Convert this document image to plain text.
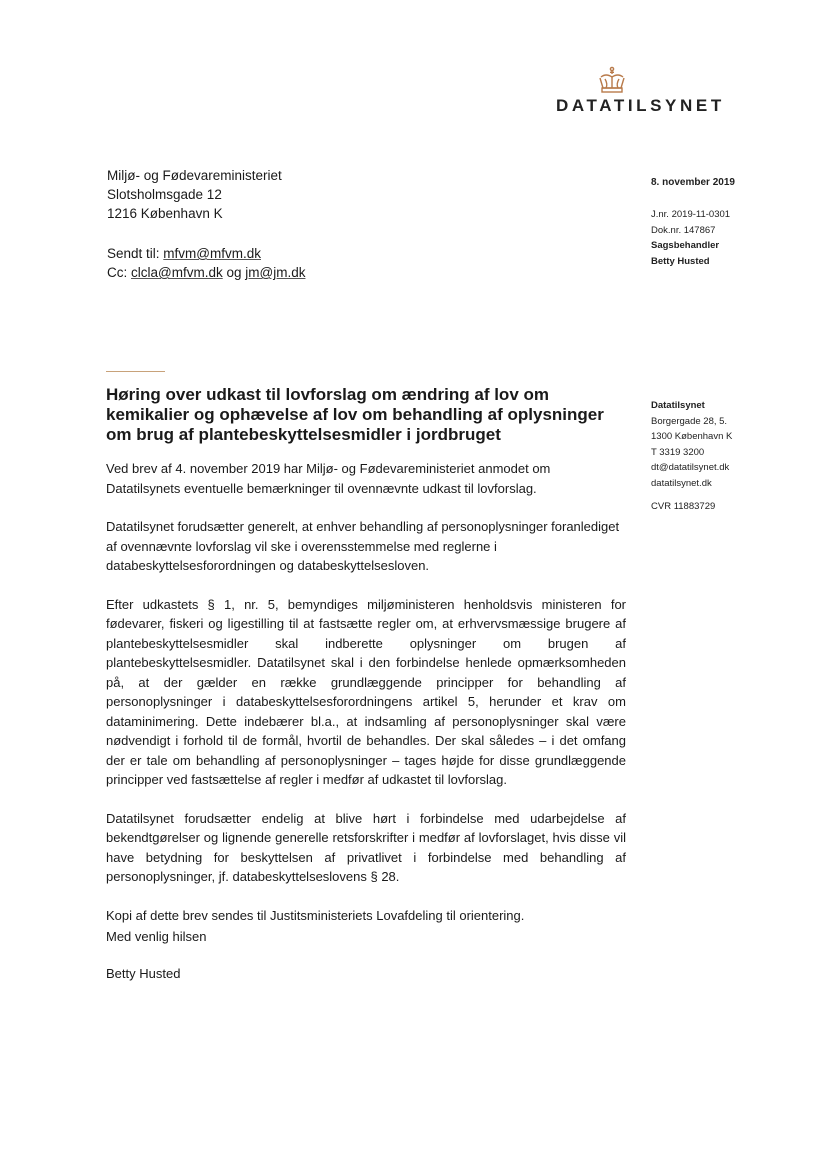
DATATILSYNET
Miljø- og Fødevareministeriet
Slotsholmsgade 12
1216 København K
Sendt til: mfvm@mfvm.dk
Cc: clcla@mfvm.dk og jm@jm.dk
8. november 2019
J.nr. 2019-11-0301
Dok.nr. 147867
Sagsbehandler
Betty Husted
Datatilsynet
Borgergade 28, 5.
1300 København K
T 3319 3200
dt@datatilsynet.dk
datatilsynet.dk
CVR 11883729
Høring over udkast til lovforslag om ændring af lov om kemikalier og ophævelse af lov om behandling af oplysninger om brug af plantebeskyttelsesmidler i jordbruget

Ved brev af 4. november 2019 har Miljø- og Fødevareministeriet anmodet om Datatilsynets eventuelle bemærkninger til ovennævnte udkast til lovforslag.

Datatilsynet forudsætter generelt, at enhver behandling af personoplysninger foranlediget af ovennævnte lovforslag vil ske i overensstemmelse med reglerne i databeskyttelsesforordningen og databeskyttelsesloven.

Efter udkastets § 1, nr. 5, bemyndiges miljøministeren henholdsvis ministeren for fødevarer, fiskeri og ligestilling til at fastsætte regler om, at erhvervsmæssige brugere af plantebeskyttelsesmidler skal indberette oplysninger om brugen af plantebeskyttelsesmidler. Datatilsynet skal i den forbindelse henlede opmærksomheden på, at der gælder en række grundlæggende principper for behandling af personoplysninger i databeskyttelsesforordningens artikel 5, herunder et krav om dataminimering. Dette indebærer bl.a., at indsamling af personoplysninger skal være nødvendigt i forhold til de formål, hvortil de behandles. Der skal således – i det omfang der er tale om behandling af personoplysninger – tages højde for disse grundlæggende principper ved fastsættelse af regler i medfør af udkastet til lovforslag.

Datatilsynet forudsætter endelig at blive hørt i forbindelse med udarbejdelse af bekendtgørelser og lignende generelle retsforskrifter i medfør af lovforslaget, hvis disse vil have betydning for beskyttelsen af privatlivet i forbindelse med behandling af personoplysninger, jf. databeskyttelseslovens § 28.

Kopi af dette brev sendes til Justitsministeriets Lovafdeling til orientering.

Med venlig hilsen
Betty Husted
